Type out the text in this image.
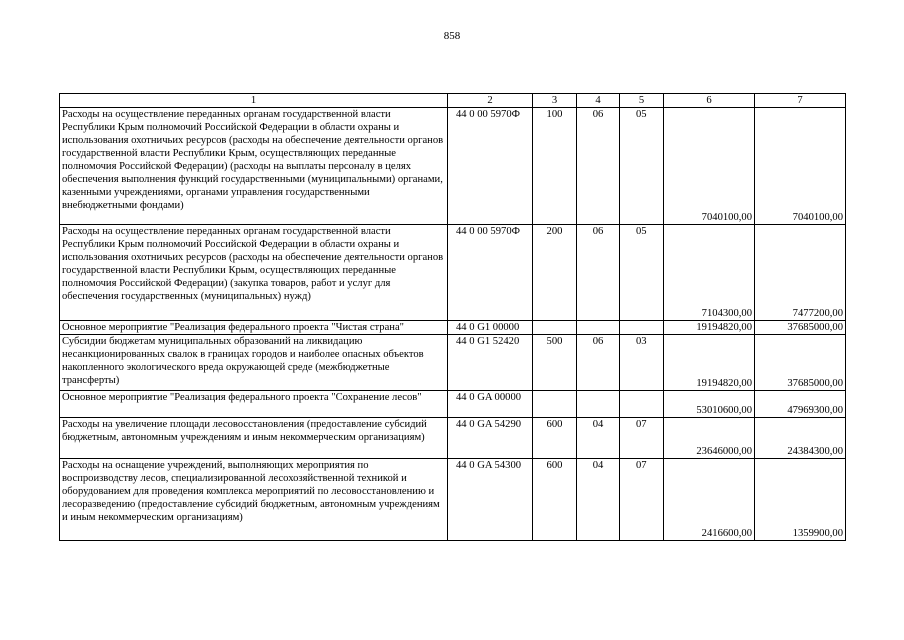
858
1	2	3	4	5	6	7
Расходы на осуществление переданных органам государственной власти Республики Крым полномочий Российской Федерации в области охраны и использования охотничьих ресурсов (расходы на обеспечение деятельности органов государственной власти Республики Крым, осуществляющих переданные полномочия Российской Федерации) (расходы на выплаты персоналу в целях обеспечения выполнения функций государственными (муниципальными) органами, казенными учреждениями, органами управления государственными внебюджетными фондами)	44 0 00 5970Ф	100	06	05	7040100,00	7040100,00
Расходы на осуществление переданных органам государственной власти Республики Крым полномочий Российской Федерации в области охраны и использования охотничьих ресурсов (расходы на обеспечение деятельности органов государственной власти Республики Крым, осуществляющих переданные полномочия Российской Федерации) (закупка товаров, работ и услуг для обеспечения государственных (муниципальных) нужд)	44 0 00 5970Ф	200	06	05	7104300,00	7477200,00
Основное мероприятие "Реализация федерального проекта "Чистая страна"	44 0 G1 00000				19194820,00	37685000,00
Субсидии бюджетам муниципальных образований на ликвидацию несанкционированных свалок в границах городов и наиболее опасных объектов накопленного экологического вреда окружающей среде (межбюджетные трансферты)	44 0 G1 52420	500	06	03	19194820,00	37685000,00
Основное мероприятие "Реализация федерального проекта "Сохранение лесов"	44 0 GA 00000				53010600,00	47969300,00
Расходы на увеличение площади лесовосстановления (предоставление субсидий бюджетным, автономным учреждениям и иным некоммерческим организациям)	44 0 GA 54290	600	04	07	23646000,00	24384300,00
Расходы на оснащение учреждений, выполняющих мероприятия по воспроизводству лесов, специализированной лесохозяйственной техникой и оборудованием для проведения комплекса мероприятий по лесовосстановлению и лесоразведению (предоставление субсидий бюджетным, автономным учреждениям и иным некоммерческим организациям)	44 0 GA 54300	600	04	07	2416600,00	1359900,00
